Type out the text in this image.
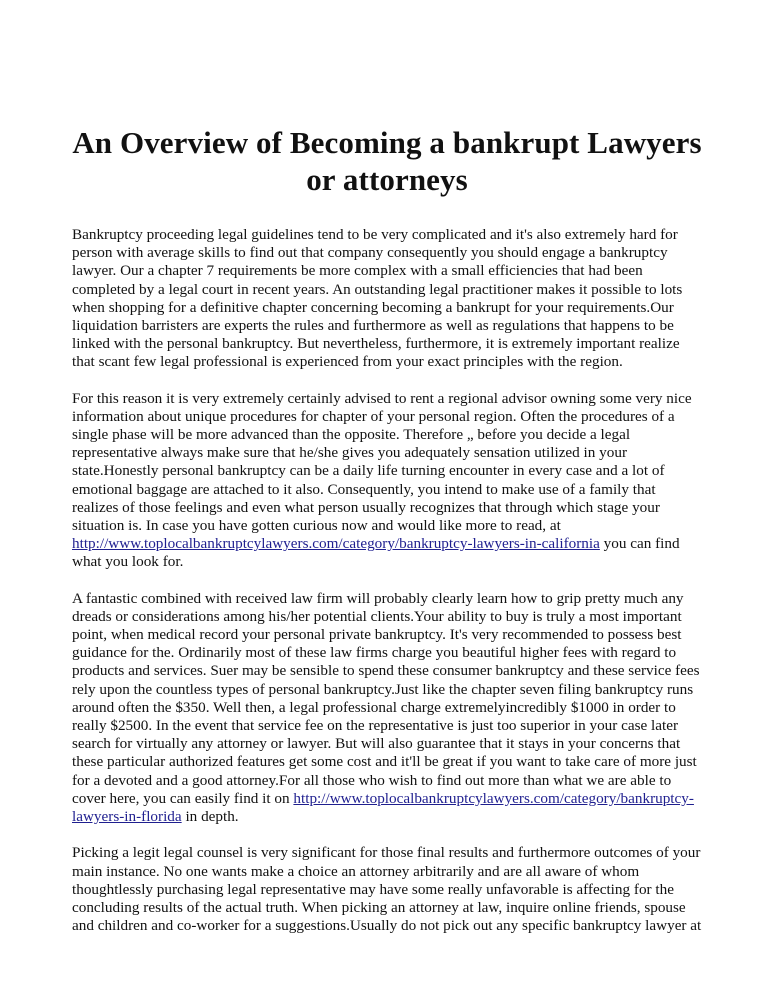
An Overview of Becoming a bankrupt Lawyers
or attorneys

Bankruptcy proceeding legal guidelines tend to be very complicated and it's also extremely hard for person with average skills to find out that company consequently you should engage a bankruptcy lawyer. Our a chapter 7 requirements be more complex with a small efficiencies that had been completed by a legal court in recent years. An outstanding legal practitioner makes it possible to lots when shopping for a definitive chapter concerning becoming a bankrupt for your requirements.Our liquidation barristers are experts the rules and furthermore as well as regulations that happens to be linked with the personal bankruptcy. But nevertheless, furthermore, it is extremely important realize that scant few legal professional is experienced from your exact principles with the region.

For this reason it is very extremely certainly advised to rent a regional advisor owning some very nice information about unique procedures for chapter of your personal region. Often the procedures of a single phase will be more advanced than the opposite. Therefore „ before you decide a legal representative always make sure that he/she gives you adequately sensation utilized in your state.Honestly personal bankruptcy can be a daily life turning encounter in every case and a lot of emotional baggage are attached to it also. Consequently, you intend to make use of a family that realizes of those feelings and even what person usually recognizes that through which stage your situation is. In case you have gotten curious now and would like more to read, at http://www.toplocalbankruptcylawyers.com/category/bankruptcy-lawyers-in-california you can find what you look for.

A fantastic combined with received law firm will probably clearly learn how to grip pretty much any dreads or considerations among his/her potential clients.Your ability to buy is truly a most important point, when medical record your personal private bankruptcy. It's very recommended to possess best guidance for the. Ordinarily most of these law firms charge you beautiful higher fees with regard to products and services. Suer may be sensible to spend these consumer bankruptcy and these service fees rely upon the countless types of personal bankruptcy.Just like the chapter seven filing bankruptcy runs around often the $350. Well then, a legal professional charge extremelyincredibly $1000 in order to really $2500. In the event that service fee on the representative is just too superior in your case later search for virtually any attorney or lawyer. But will also guarantee that it stays in your concerns that these particular authorized features get some cost and it'll be great if you want to take care of more just for a devoted and a good attorney.For all those who wish to find out more than what we are able to cover here, you can easily find it on http://www.toplocalbankruptcylawyers.com/category/bankruptcy-lawyers-in-florida in depth.

Picking a legit legal counsel is very significant for those final results and furthermore outcomes of your main instance. No one wants make a choice an attorney arbitrarily and are all aware of whom thoughtlessly purchasing legal representative may have some really unfavorable is affecting for the concluding results of the actual truth. When picking an attorney at law, inquire online friends, spouse and children and co-worker for a suggestions.Usually do not pick out any specific bankruptcy lawyer at
